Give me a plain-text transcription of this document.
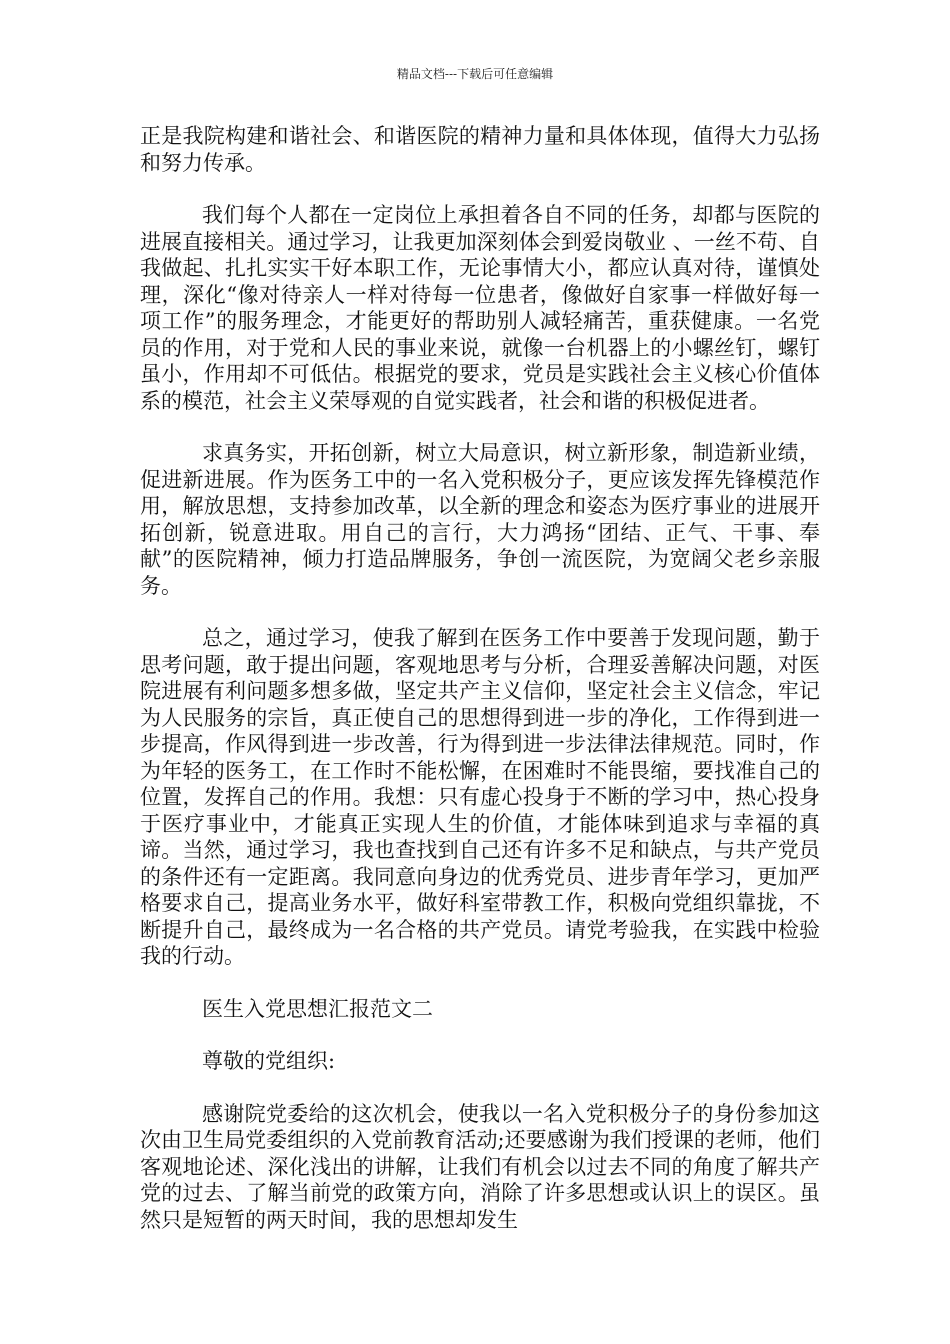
精品文档---下载后可任意编辑

正是我院构建和谐社会、和谐医院的精神力量和具体体现，值得大力弘扬和努力传承。

我们每个人都在一定岗位上承担着各自不同的任务，却都与医院的进展直接相关。通过学习，让我更加深刻体会到爱岗敬业 、一丝不苟、自我做起、扎扎实实干好本职工作，无论事情大小，都应认真对待，谨慎处理，深化“像对待亲人一样对待每一位患者，像做好自家事一样做好每一项工作”的服务理念，才能更好的帮助别人减轻痛苦，重获健康。一名党员的作用，对于党和人民的事业来说，就像一台机器上的小螺丝钉，螺钉虽小，作用却不可低估。根据党的要求，党员是实践社会主义核心价值体系的模范，社会主义荣辱观的自觉实践者，社会和谐的积极促进者。

求真务实，开拓创新，树立大局意识，树立新形象，制造新业绩，促进新进展。作为医务工中的一名入党积极分子，更应该发挥先锋模范作用，解放思想，支持参加改革，以全新的理念和姿态为医疗事业的进展开拓创新，锐意进取。用自己的言行，大力鸿扬“团结、正气、干事、奉献”的医院精神，倾力打造品牌服务，争创一流医院，为宽阔父老乡亲服务。

总之，通过学习，使我了解到在医务工作中要善于发现问题，勤于思考问题，敢于提出问题，客观地思考与分析，合理妥善解决问题，对医院进展有利问题多想多做，坚定共产主义信仰，坚定社会主义信念，牢记为人民服务的宗旨，真正使自己的思想得到进一步的净化，工作得到进一步提高，作风得到进一步改善，行为得到进一步法律法律规范。同时，作为年轻的医务工，在工作时不能松懈，在困难时不能畏缩，要找准自己的位置，发挥自己的作用。我想：只有虚心投身于不断的学习中，热心投身于医疗事业中，才能真正实现人生的价值，才能体味到追求与幸福的真谛。当然，通过学习，我也查找到自己还有许多不足和缺点，与共产党员的条件还有一定距离。我同意向身边的优秀党员、进步青年学习，更加严格要求自己，提高业务水平，做好科室带教工作，积极向党组织靠拢，不断提升自己，最终成为一名合格的共产党员。请党考验我，在实践中检验我的行动。

医生入党思想汇报范文二

尊敬的党组织:

感谢院党委给的这次机会，使我以一名入党积极分子的身份参加这次由卫生局党委组织的入党前教育活动;还要感谢为我们授课的老师，他们客观地论述、深化浅出的讲解，让我们有机会以过去不同的角度了解共产党的过去、了解当前党的政策方向，消除了许多思想或认识上的误区。虽然只是短暂的两天时间，我的思想却发生
